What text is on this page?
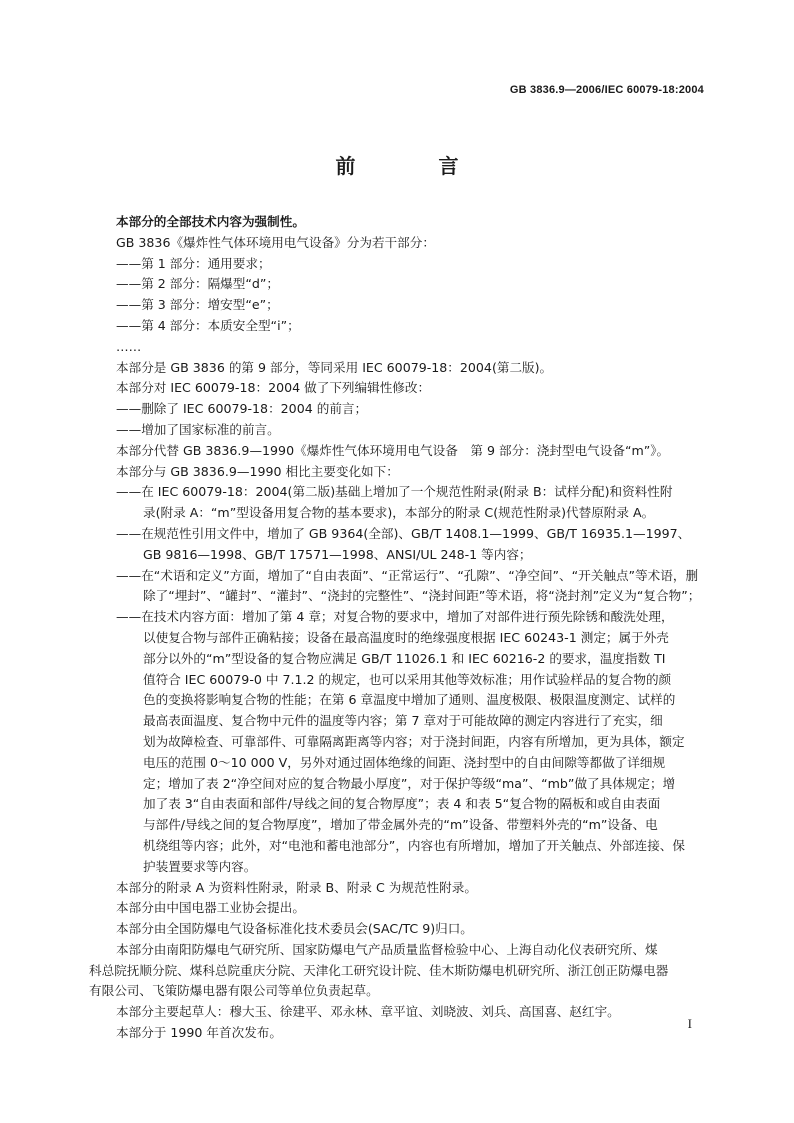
GB 3836.9—2006/IEC 60079-18:2004
前 言

本部分的全部技术内容为强制性。

GB 3836《爆炸性气体环境用电气设备》分为若干部分：

——第 1 部分：通用要求；

——第 2 部分：隔爆型“d”；

——第 3 部分：增安型“e”；

——第 4 部分：本质安全型“i”；

……

本部分是 GB 3836 的第 9 部分，等同采用 IEC 60079-18：2004(第二版)。

本部分对 IEC 60079-18：2004 做了下列编辑性修改：

——删除了 IEC 60079-18：2004 的前言；

——增加了国家标准的前言。

本部分代替 GB 3836.9—1990《爆炸性气体环境用电气设备　第 9 部分：浇封型电气设备“m”》。

本部分与 GB 3836.9—1990 相比主要变化如下：

——在 IEC 60079-18：2004(第二版)基础上增加了一个规范性附录(附录 B：试样分配)和资料性附

录(附录 A：“m”型设备用复合物的基本要求)，本部分的附录 C(规范性附录)代替原附录 A。

——在规范性引用文件中，增加了 GB 9364(全部)、GB/T 1408.1—1999、GB/T 16935.1—1997、

GB 9816—1998、GB/T 17571—1998、ANSI/UL 248-1 等内容；

——在“术语和定义”方面，增加了“自由表面”、“正常运行”、“孔隙”、“净空间”、“开关触点”等术语，删

除了“埋封”、“罐封”、“灌封”、“浇封的完整性”、“浇封间距”等术语，将“浇封剂”定义为“复合物”；

——在技术内容方面：增加了第 4 章；对复合物的要求中，增加了对部件进行预先除锈和酸洗处理，

以使复合物与部件正确粘接；设备在最高温度时的绝缘强度根据 IEC 60243-1 测定；属于外壳

部分以外的“m”型设备的复合物应满足 GB/T 11026.1 和 IEC 60216-2 的要求，温度指数 TI

值符合 IEC 60079-0 中 7.1.2 的规定，也可以采用其他等效标准；用作试验样品的复合物的颜

色的变换将影响复合物的性能；在第 6 章温度中增加了通则、温度极限、极限温度测定、试样的

最高表面温度、复合物中元件的温度等内容；第 7 章对于可能故障的测定内容进行了充实，细

划为故障检查、可靠部件、可靠隔离距离等内容；对于浇封间距，内容有所增加，更为具体，额定

电压的范围 0～10 000 V，另外对通过固体绝缘的间距、浇封型中的自由间隙等都做了详细规

定；增加了表 2“净空间对应的复合物最小厚度”，对于保护等级“ma”、“mb”做了具体规定；增

加了表 3“自由表面和部件/导线之间的复合物厚度”；表 4 和表 5“复合物的隔板和或自由表面

与部件/导线之间的复合物厚度”，增加了带金属外壳的“m”设备、带塑料外壳的“m”设备、电

机绕组等内容；此外，对“电池和蓄电池部分”，内容也有所增加，增加了开关触点、外部连接、保

护装置要求等内容。

本部分的附录 A 为资料性附录，附录 B、附录 C 为规范性附录。

本部分由中国电器工业协会提出。

本部分由全国防爆电气设备标准化技术委员会(SAC/TC 9)归口。

本部分由南阳防爆电气研究所、国家防爆电气产品质量监督检验中心、上海自动化仪表研究所、煤

科总院抚顺分院、煤科总院重庆分院、天津化工研究设计院、佳木斯防爆电机研究所、浙江创正防爆电器

有限公司、飞策防爆电器有限公司等单位负责起草。

本部分主要起草人：穆大玉、徐建平、邓永林、章平谊、刘晓波、刘兵、高国喜、赵红宇。

本部分于 1990 年首次发布。

I
